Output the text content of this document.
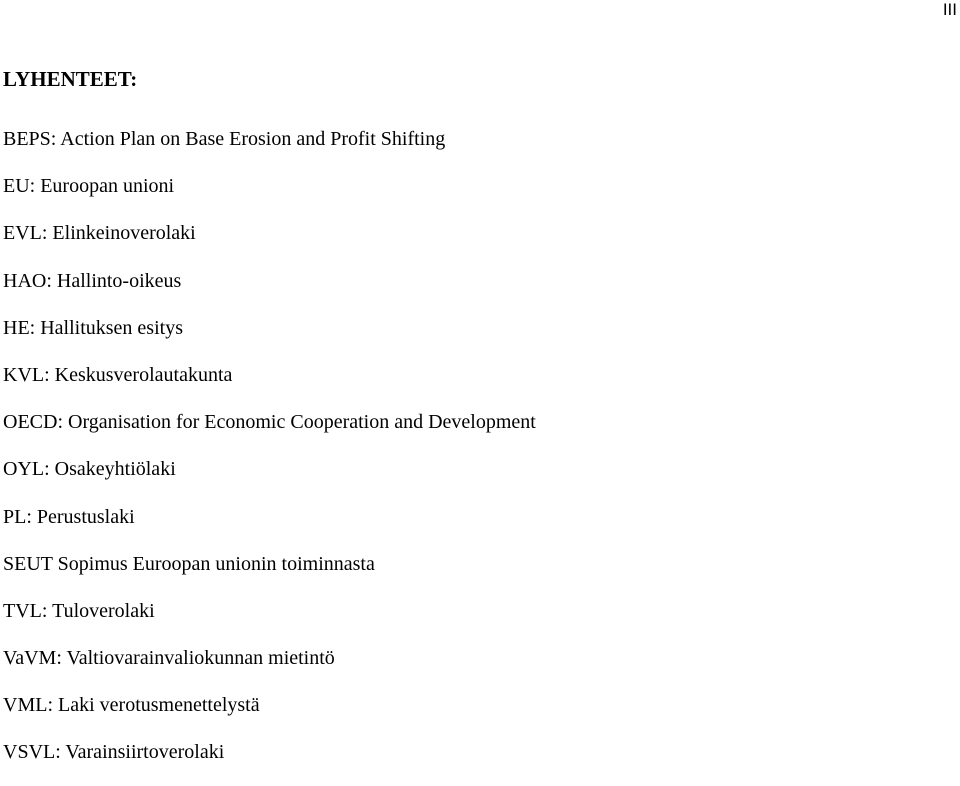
III
LYHENTEET:
BEPS: Action Plan on Base Erosion and Profit Shifting
EU: Euroopan unioni
EVL: Elinkeinoverolaki
HAO: Hallinto-oikeus
HE: Hallituksen esitys
KVL: Keskusverolautakunta
OECD: Organisation for Economic Cooperation and Development
OYL: Osakeyhtiölaki
PL: Perustuslaki
SEUT Sopimus Euroopan unionin toiminnasta
TVL: Tuloverolaki
VaVM: Valtiovarainvaliokunnan mietintö
VML: Laki verotusmenettelystä
VSVL: Varainsiirtoverolaki
